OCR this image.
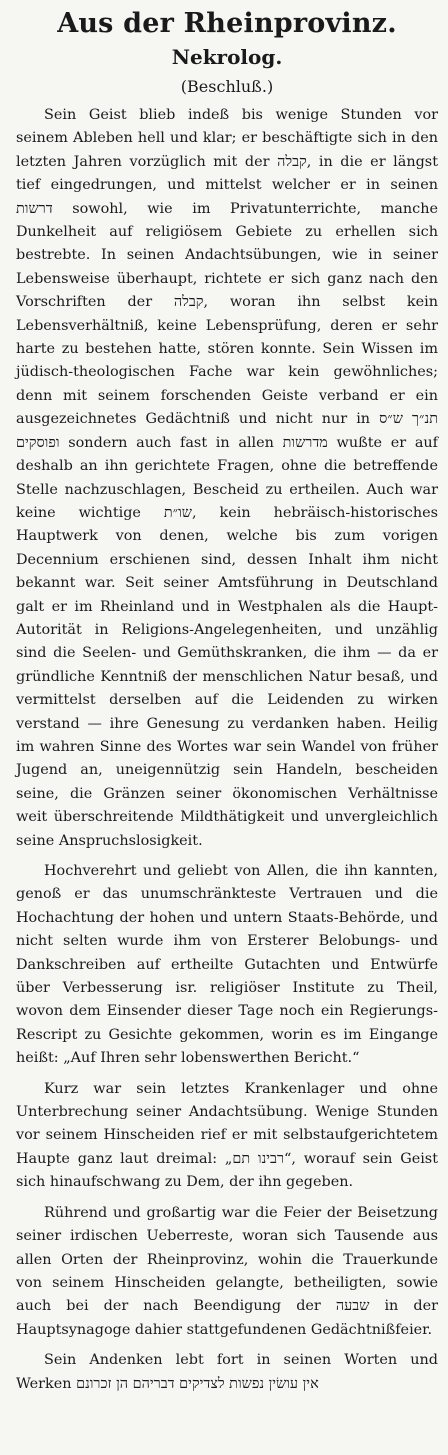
Aus der Rheinprovinz.
Nekrolog.
(Beschluß.)

Sein Geist blieb indeß bis wenige Stunden vor seinem Ableben hell und klar; er beschäftigte sich in den letzten Jahren vorzüglich mit der קבלה, in die er längst tief eingedrungen, und mittelst welcher er in seinen דרשות sowohl, wie im Privatunterrichte, manche Dunkelheit auf religiösem Gebiete zu erhellen sich bestrebte. In seinen Andachtsübungen, wie in seiner Lebensweise überhaupt, richtete er sich ganz nach den Vorschriften der קבלה, woran ihn selbst kein Lebensverhältniß, keine Lebensprüfung, deren er sehr harte zu bestehen hatte, stören konnte. Sein Wissen im jüdisch-theologischen Fache war kein gewöhnliches; denn mit seinem forschenden Geiste verband er ein ausgezeichnetes Gedächtniß und nicht nur in תנ״ך ש״ס ופוסקים sondern auch fast in allen מדרשות wußte er auf deshalb an ihn gerichtete Fragen, ohne die betreffende Stelle nachzuschlagen, Bescheid zu ertheilen. Auch war keine wichtige שו״ת, kein hebräisch-historisches Hauptwerk von denen, welche bis zum vorigen Decennium erschienen sind, dessen Inhalt ihm nicht bekannt war. Seit seiner Amtsführung in Deutschland galt er im Rheinland und in Westphalen als die Haupt-Autorität in Religions-Angelegenheiten, und unzählig sind die Seelen- und Gemüthskranken, die ihm — da er gründliche Kenntniß der menschlichen Natur besaß, und vermittelst derselben auf die Leidenden zu wirken verstand — ihre Genesung zu verdanken haben. Heilig im wahren Sinne des Wortes war sein Wandel von früher Jugend an, uneigennützig sein Handeln, bescheiden seine, die Gränzen seiner ökonomischen Verhältnisse weit überschreitende Mildthätigkeit und unvergleichlich seine Anspruchslosigkeit.

Hochverehrt und geliebt von Allen, die ihn kannten, genoß er das unumschränkteste Vertrauen und die Hochachtung der hohen und untern Staats-Behörde, und nicht selten wurde ihm von Ersterer Belobungs- und Dankschreiben auf ertheilte Gutachten und Entwürfe über Verbesserung isr. religiöser Institute zu Theil, wovon dem Einsender dieser Tage noch ein Regierungs-Rescript zu Gesichte gekommen, worin es im Eingange heißt: „Auf Ihren sehr lobenswerthen Bericht.“

Kurz war sein letztes Krankenlager und ohne Unterbrechung seiner Andachtsübung. Wenige Stunden vor seinem Hinscheiden rief er mit selbstaufgerichtetem Haupte ganz laut dreimal: „רבינו תם“, worauf sein Geist sich hinaufschwang zu Dem, der ihn gegeben.

Rührend und großartig war die Feier der Beisetzung seiner irdischen Ueberreste, woran sich Tausende aus allen Orten der Rheinprovinz, wohin die Trauerkunde von seinem Hinscheiden gelangte, betheiligten, sowie auch bei der nach Beendigung der שבעה in der Hauptsynagoge dahier stattgefundenen Gedächtnißfeier.

Sein Andenken lebt fort in seinen Worten und Werken אין עושׂין נפשות לצדיקים דבריהם הן זכרונם
